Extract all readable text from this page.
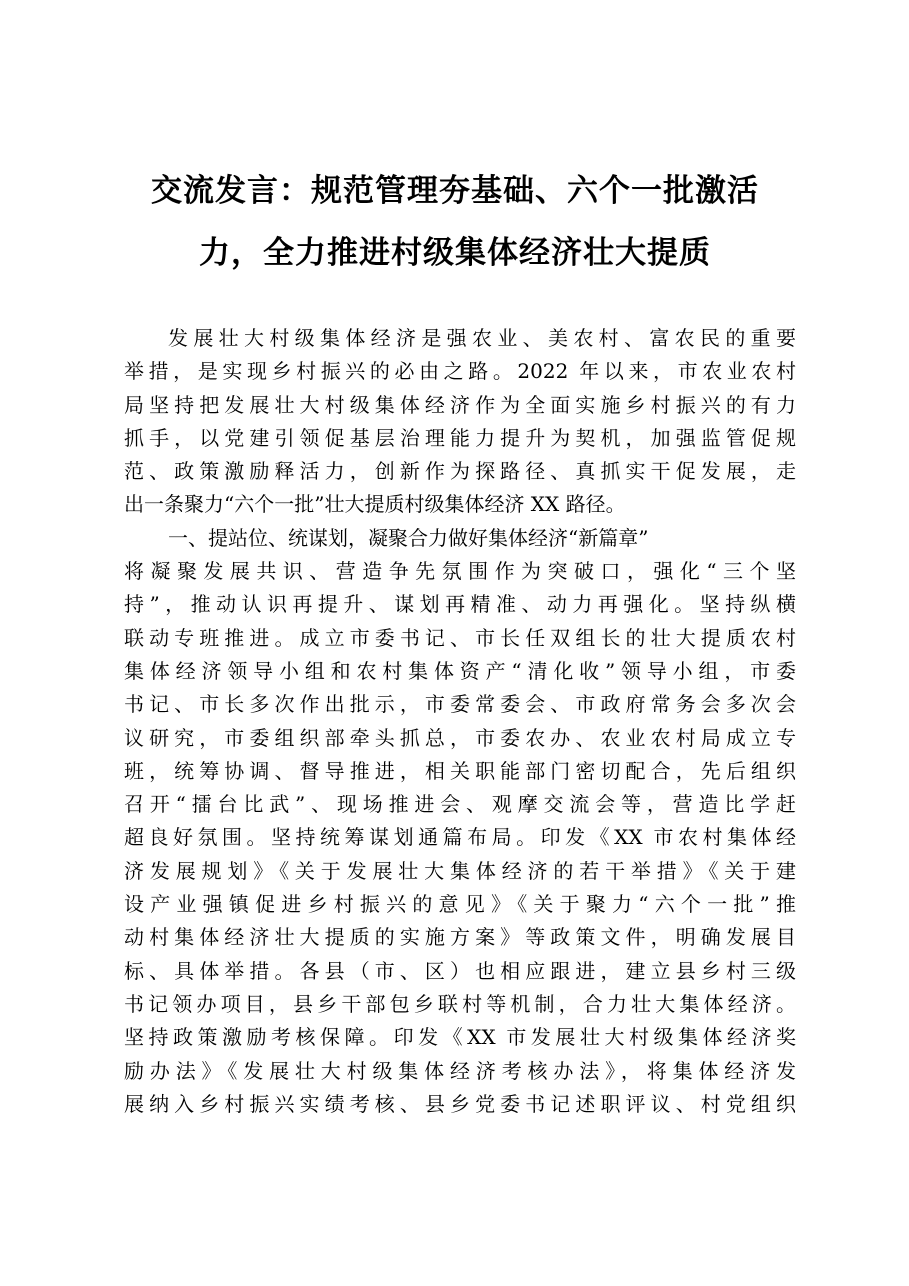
交流发言：规范管理夯基础、六个一批激活
力，全力推进村级集体经济壮大提质
发展壮大村级集体经济是强农业、美农村、富农民的重要
举措，是实现乡村振兴的必由之路。2022 年以来，市农业农村
局坚持把发展壮大村级集体经济作为全面实施乡村振兴的有力
抓手，以党建引领促基层治理能力提升为契机，加强监管促规
范、政策激励释活力，创新作为探路径、真抓实干促发展，走
出一条聚力“六个一批”壮大提质村级集体经济 XX 路径。
一、提站位、统谋划，凝聚合力做好集体经济“新篇章”
将凝聚发展共识、营造争先氛围作为突破口，强化“三个坚
持”，推动认识再提升、谋划再精准、动力再强化。坚持纵横
联动专班推进。成立市委书记、市长任双组长的壮大提质农村
集体经济领导小组和农村集体资产“清化收”领导小组，市委
书记、市长多次作出批示，市委常委会、市政府常务会多次会
议研究，市委组织部牵头抓总，市委农办、农业农村局成立专
班，统筹协调、督导推进，相关职能部门密切配合，先后组织
召开“擂台比武”、现场推进会、观摩交流会等，营造比学赶
超良好氛围。坚持统筹谋划通篇布局。印发《XX 市农村集体经
济发展规划》《关于发展壮大集体经济的若干举措》《关于建
设产业强镇促进乡村振兴的意见》《关于聚力“六个一批”推
动村集体经济壮大提质的实施方案》等政策文件，明确发展目
标、具体举措。各县（市、区）也相应跟进，建立县乡村三级
书记领办项目，县乡干部包乡联村等机制，合力壮大集体经济。
坚持政策激励考核保障。印发《XX 市发展壮大村级集体经济奖
励办法》《发展壮大村级集体经济考核办法》，将集体经济发
展纳入乡村振兴实绩考核、县乡党委书记述职评议、村党组织
